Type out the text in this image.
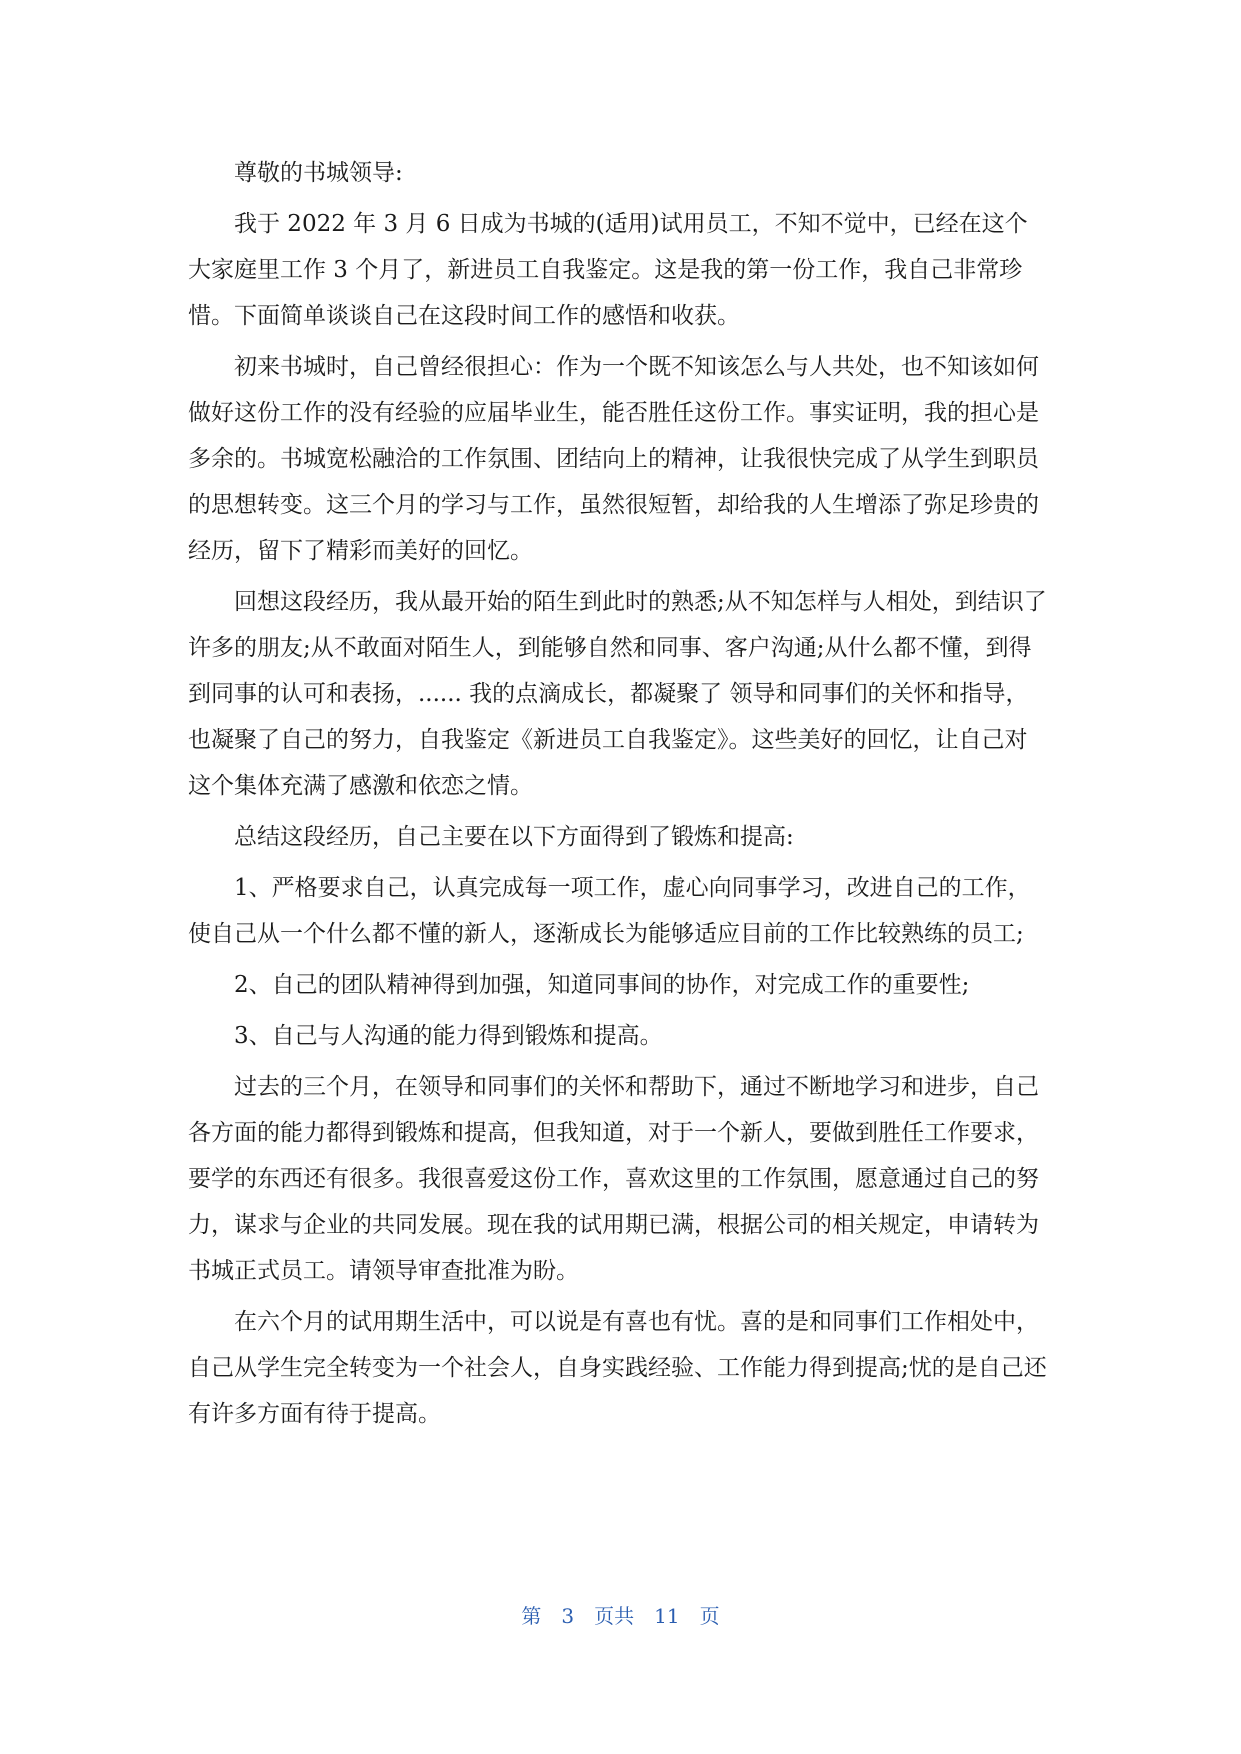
尊敬的书城领导:

我于 2022 年 3 月 6 日成为书城的(适用)试用员工，不知不觉中，已经在这个大家庭里工作 3 个月了，新进员工自我鉴定。这是我的第一份工作，我自己非常珍惜。下面简单谈谈自己在这段时间工作的感悟和收获。

初来书城时，自己曾经很担心：作为一个既不知该怎么与人共处，也不知该如何做好这份工作的没有经验的应届毕业生，能否胜任这份工作。事实证明，我的担心是多余的。书城宽松融洽的工作氛围、团结向上的精神，让我很快完成了从学生到职员的思想转变。这三个月的学习与工作，虽然很短暂，却给我的人生增添了弥足珍贵的经历，留下了精彩而美好的回忆。

回想这段经历，我从最开始的陌生到此时的熟悉;从不知怎样与人相处，到结识了许多的朋友;从不敢面对陌生人，到能够自然和同事、客户沟通;从什么都不懂，到得到同事的认可和表扬，...... 我的点滴成长，都凝聚了 领导和同事们的关怀和指导，也凝聚了自己的努力，自我鉴定《新进员工自我鉴定》。这些美好的回忆，让自己对这个集体充满了感激和依恋之情。

总结这段经历，自己主要在以下方面得到了锻炼和提高:

1、严格要求自己，认真完成每一项工作，虚心向同事学习，改进自己的工作，使自己从一个什么都不懂的新人，逐渐成长为能够适应目前的工作比较熟练的员工;

2、自己的团队精神得到加强，知道同事间的协作，对完成工作的重要性;

3、自己与人沟通的能力得到锻炼和提高。

过去的三个月，在领导和同事们的关怀和帮助下，通过不断地学习和进步，自己各方面的能力都得到锻炼和提高，但我知道，对于一个新人，要做到胜任工作要求，要学的东西还有很多。我很喜爱这份工作，喜欢这里的工作氛围，愿意通过自己的努力，谋求与企业的共同发展。现在我的试用期已满，根据公司的相关规定，申请转为书城正式员工。请领导审查批准为盼。

在六个月的试用期生活中，可以说是有喜也有忧。喜的是和同事们工作相处中，自己从学生完全转变为一个社会人，自身实践经验、工作能力得到提高;忧的是自己还有许多方面有待于提高。

第 3 页共 11 页
